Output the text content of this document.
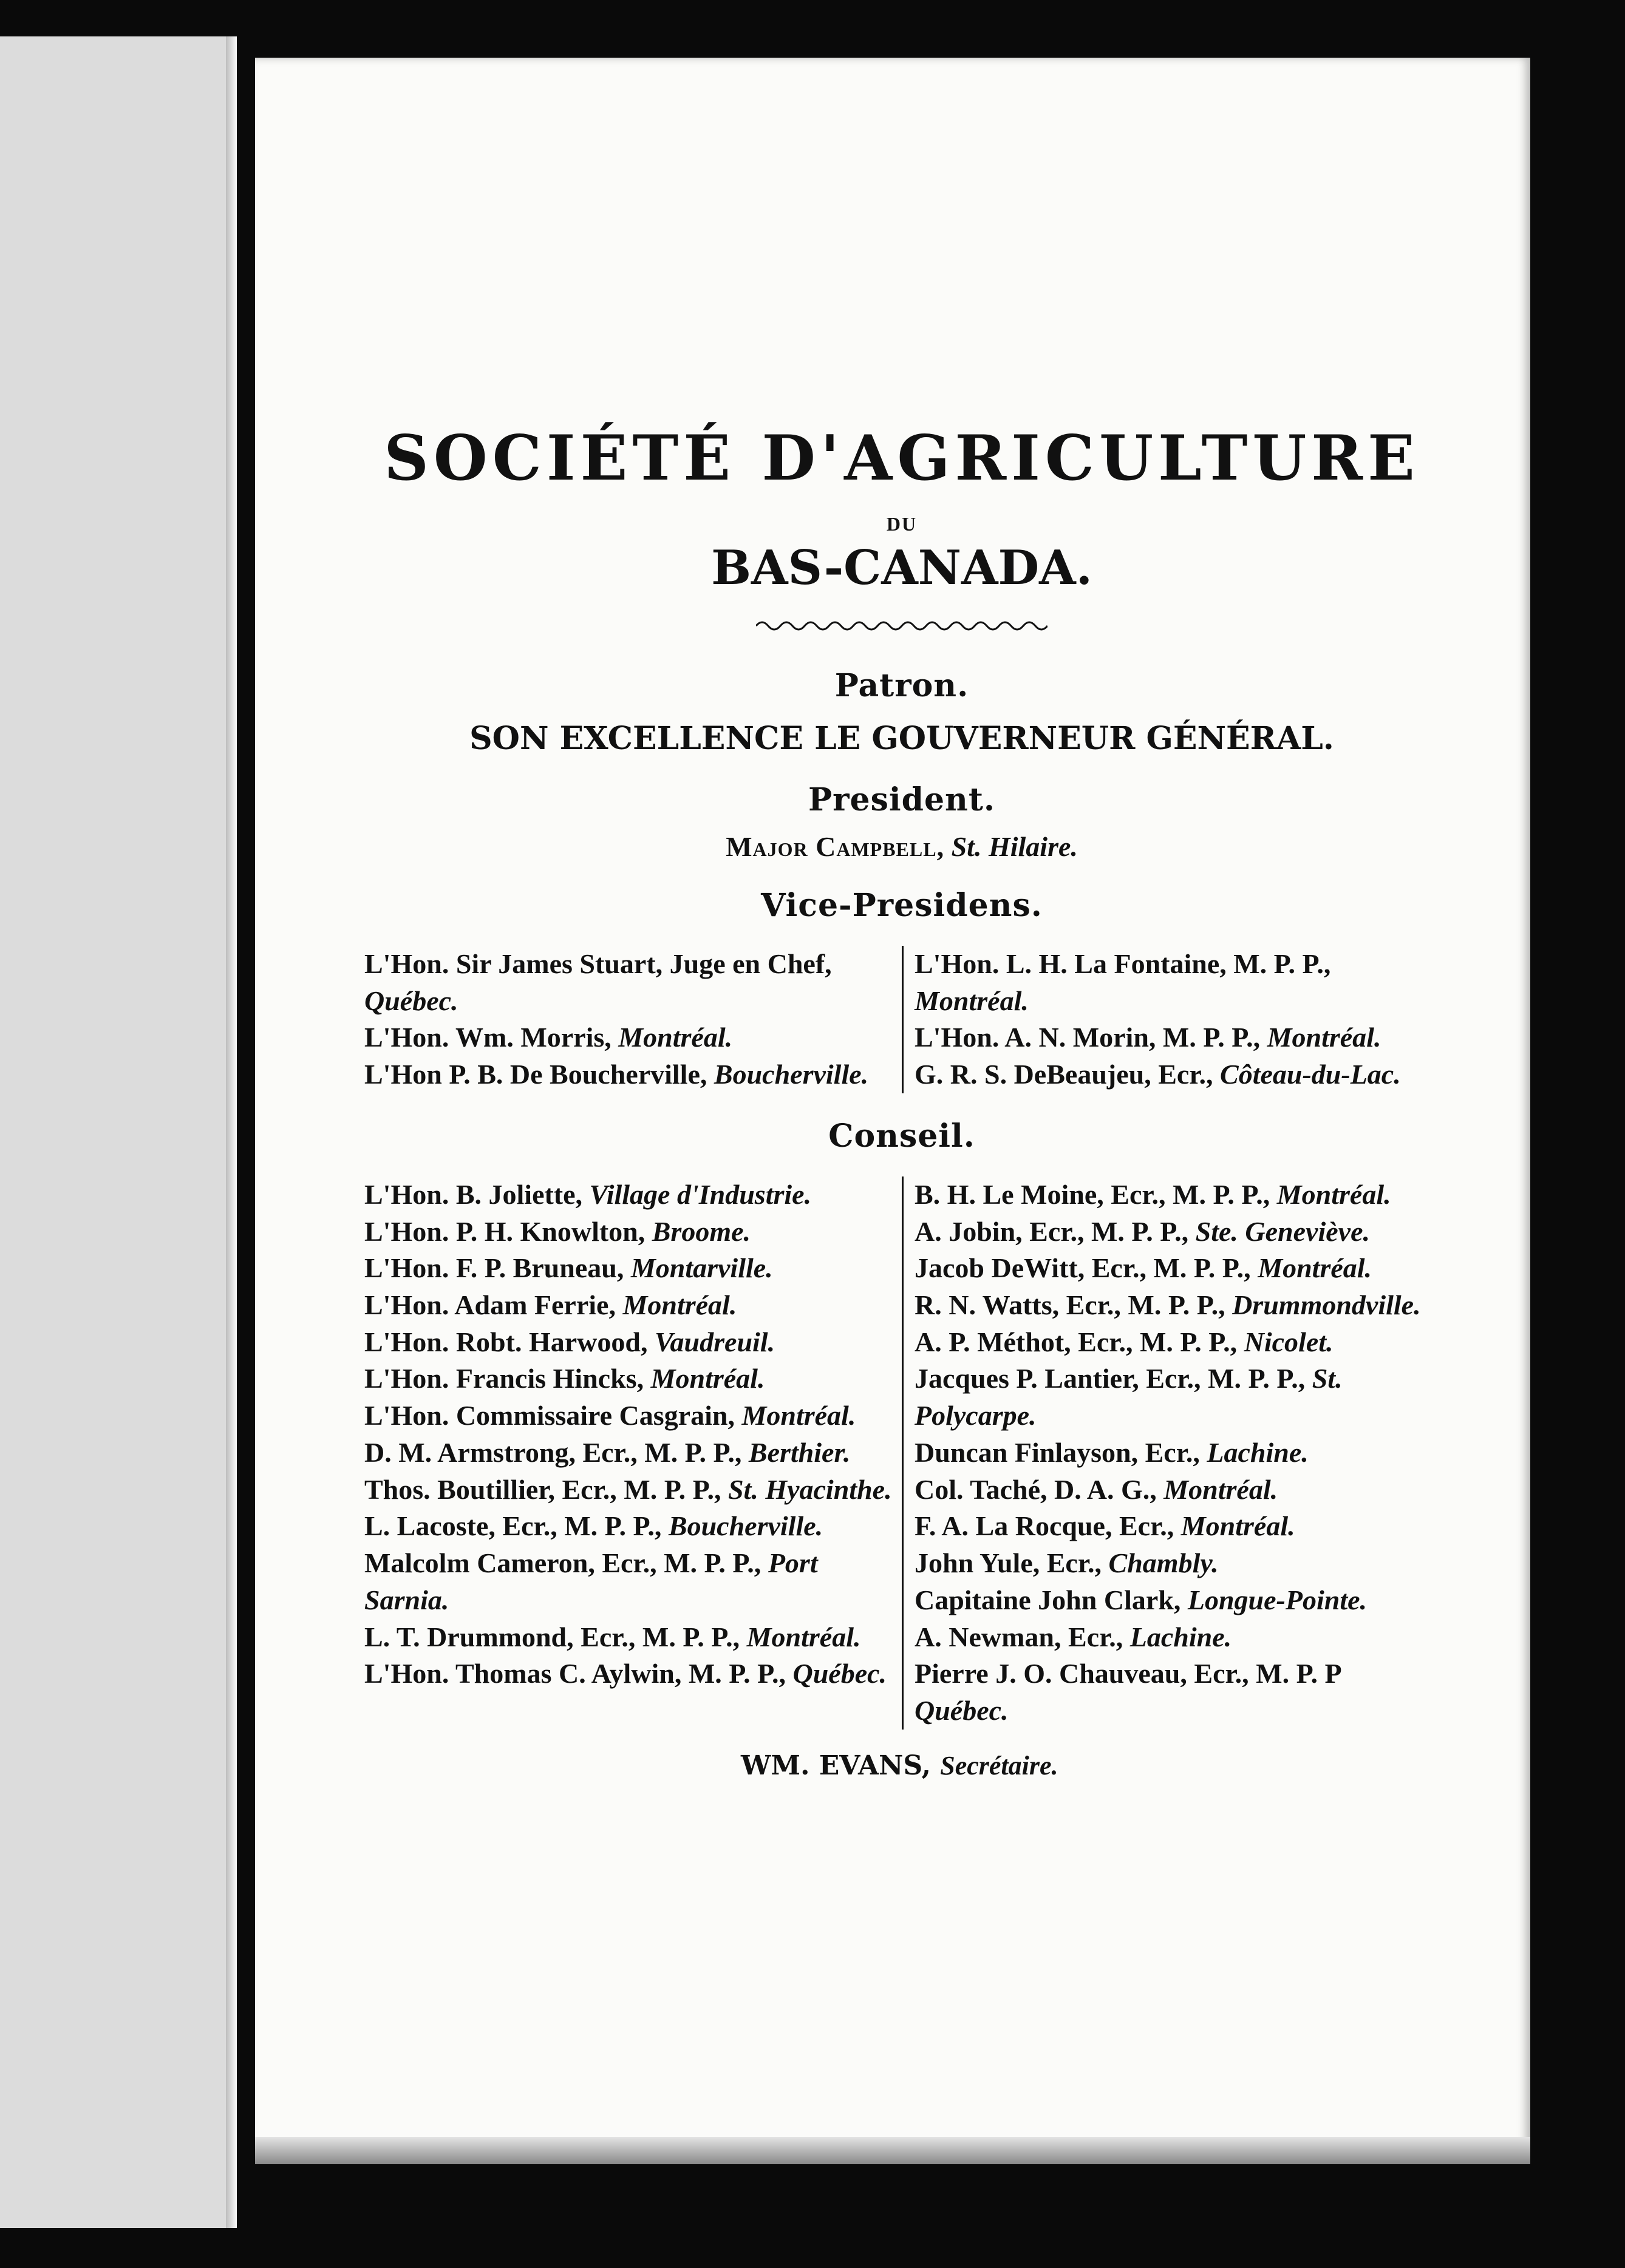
SOCIÉTÉ D'AGRICULTURE
DU
BAS-CANADA.
Patron.
SON EXCELLENCE LE GOUVERNEUR GÉNÉRAL.
President.
Major Campbell, St. Hilaire.
Vice-Presidens.

L'Hon. Sir James Stuart, Juge en Chef, Québec.

L'Hon. Wm. Morris, Montréal.

L'Hon P. B. De Boucherville, Boucherville.

L'Hon. L. H. La Fontaine, M. P. P., Montréal.

L'Hon. A. N. Morin, M. P. P., Montréal.

G. R. S. DeBeaujeu, Ecr., Côteau-du-Lac.

Conseil.

L'Hon. B. Joliette, Village d'Industrie.

L'Hon. P. H. Knowlton, Broome.

L'Hon. F. P. Bruneau, Montarville.

L'Hon. Adam Ferrie, Montréal.

L'Hon. Robt. Harwood, Vaudreuil.

L'Hon. Francis Hincks, Montréal.

L'Hon. Commissaire Casgrain, Montréal.

D. M. Armstrong, Ecr., M. P. P., Berthier.

Thos. Boutillier, Ecr., M. P. P., St. Hyacinthe.

L. Lacoste, Ecr., M. P. P., Boucherville.

Malcolm Cameron, Ecr., M. P. P., Port Sarnia.

L. T. Drummond, Ecr., M. P. P., Montréal.

L'Hon. Thomas C. Aylwin, M. P. P., Québec.

B. H. Le Moine, Ecr., M. P. P., Montréal.

A. Jobin, Ecr., M. P. P., Ste. Geneviève.

Jacob DeWitt, Ecr., M. P. P., Montréal.

R. N. Watts, Ecr., M. P. P., Drummondville.

A. P. Méthot, Ecr., M. P. P., Nicolet.

Jacques P. Lantier, Ecr., M. P. P., St. Polycarpe.

Duncan Finlayson, Ecr., Lachine.

Col. Taché, D. A. G., Montréal.

F. A. La Rocque, Ecr., Montréal.

John Yule, Ecr., Chambly.

Capitaine John Clark, Longue-Pointe.

A. Newman, Ecr., Lachine.

Pierre J. O. Chauveau, Ecr., M. P. P Québec.

WM. EVANS, Secrétaire.
